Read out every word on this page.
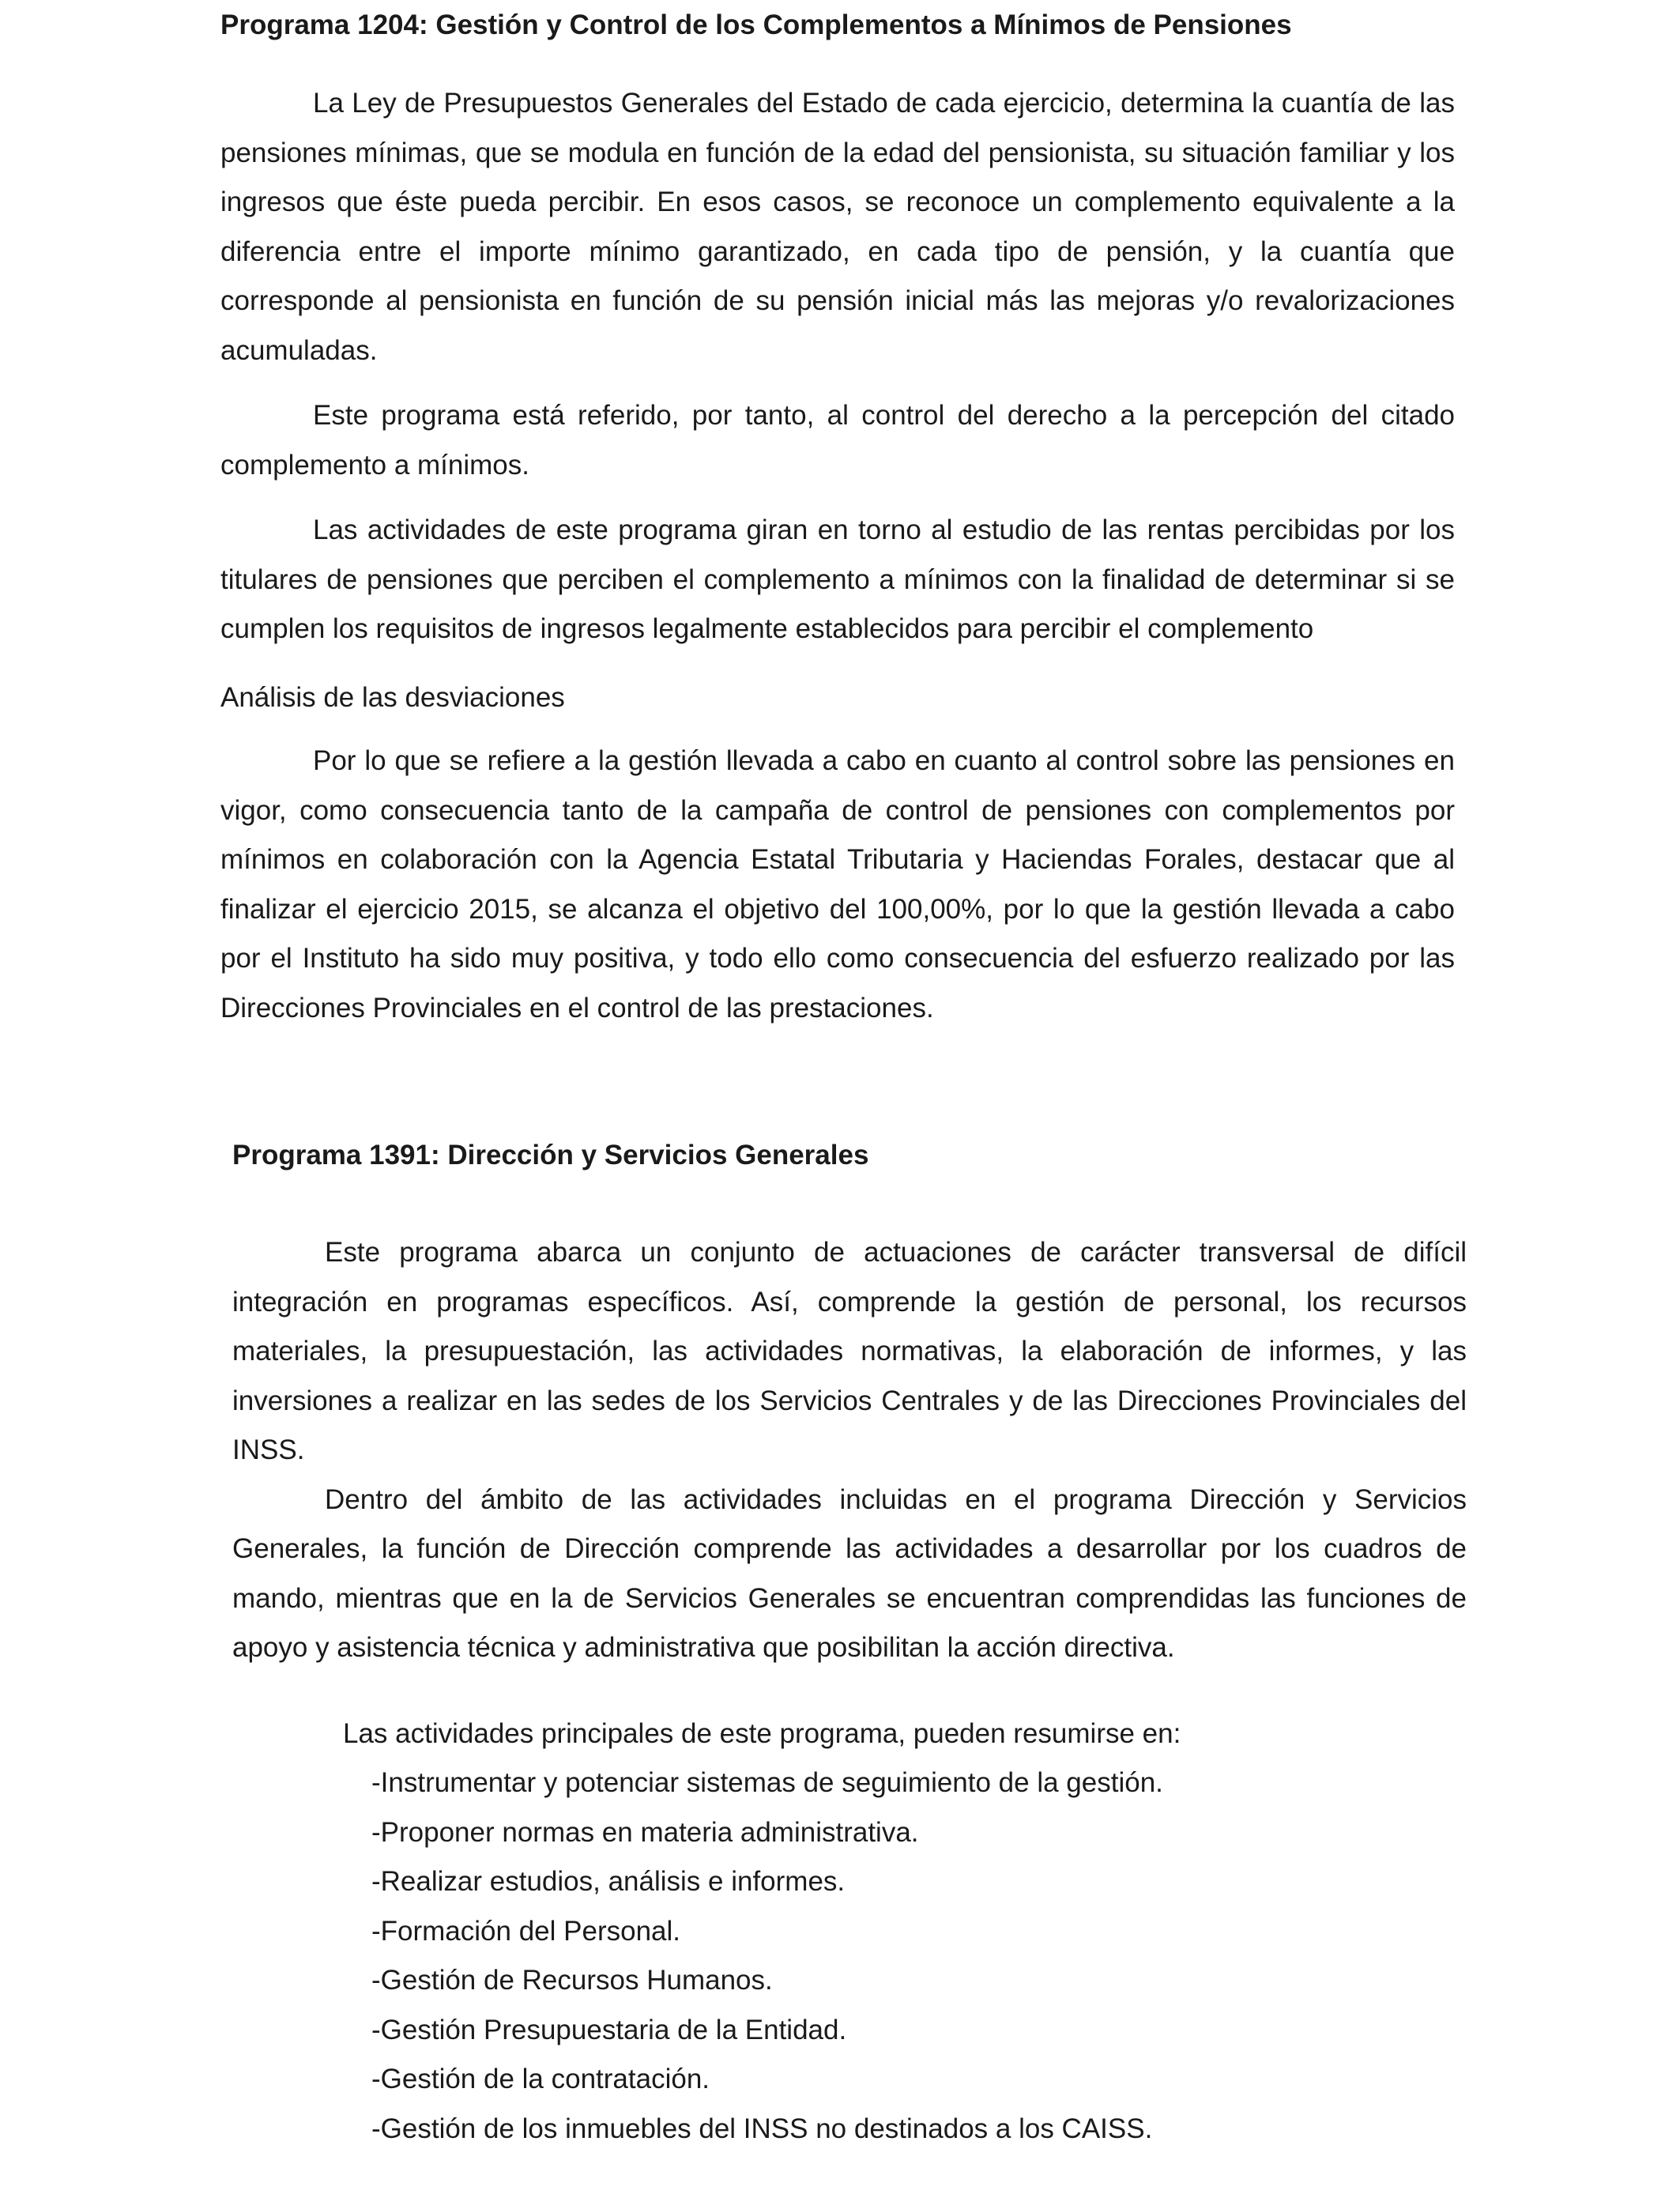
Programa 1204: Gestión y Control de los Complementos a Mínimos de Pensiones

La Ley de Presupuestos Generales del Estado de cada ejercicio, determina la cuantía de las pensiones mínimas, que se modula en función de la edad del pensionista, su situación familiar y los ingresos que éste pueda percibir. En esos casos, se reconoce un complemento equivalente a la diferencia entre el importe mínimo garantizado, en cada tipo de pensión, y la cuantía que corresponde al pensionista en función de su pensión inicial más las mejoras y/o revalorizaciones acumuladas.

Este programa está referido, por tanto, al control del derecho a la percepción del citado complemento a mínimos.

Las actividades de este programa giran en torno al estudio de las rentas percibidas por los titulares de pensiones que perciben el complemento a mínimos con la finalidad de determinar si se cumplen los requisitos de ingresos legalmente establecidos para percibir el complemento

Análisis de las desviaciones

Por lo que se refiere a la gestión llevada a cabo en cuanto al control sobre las pensiones en vigor, como consecuencia tanto de la campaña de control de pensiones con complementos por mínimos en colaboración con la Agencia Estatal Tributaria y Haciendas Forales, destacar que al finalizar el ejercicio 2015, se alcanza el objetivo del 100,00%, por lo que la gestión llevada a cabo por el Instituto ha sido muy positiva, y todo ello como consecuencia del esfuerzo realizado por las Direcciones Provinciales en el control de las prestaciones.

Programa 1391: Dirección y Servicios Generales

Este programa abarca un conjunto de actuaciones de carácter transversal de difícil integración en programas específicos. Así, comprende la gestión de personal, los recursos materiales, la presupuestación, las actividades normativas, la elaboración de informes, y las inversiones a realizar en las sedes de los Servicios Centrales y de las Direcciones Provinciales del INSS.

Dentro del ámbito de las actividades incluidas en el programa Dirección y Servicios Generales, la función de Dirección comprende las actividades a desarrollar por los cuadros de mando, mientras que en la de Servicios Generales se encuentran comprendidas las funciones de apoyo y asistencia técnica y administrativa que posibilitan la acción directiva.

Las actividades principales de este programa, pueden resumirse en:
-Instrumentar y potenciar sistemas de seguimiento de la gestión.
-Proponer normas en materia administrativa.
-Realizar estudios, análisis e informes.
-Formación del Personal.
-Gestión de Recursos Humanos.
-Gestión Presupuestaria de la Entidad.
-Gestión de la contratación.
-Gestión de los inmuebles del INSS no destinados a los CAISS.
